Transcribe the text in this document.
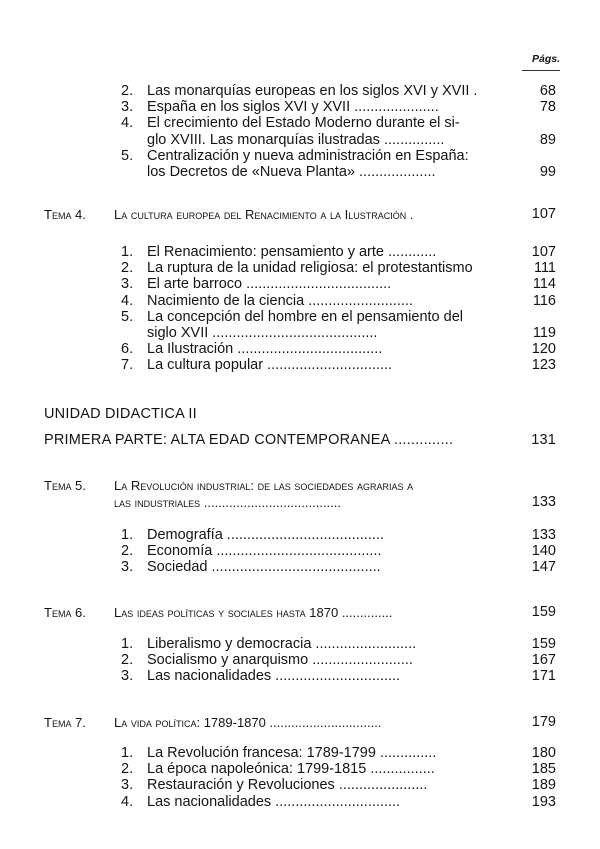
Págs.
2. Las monarquías europeas en los siglos XVI y XVII .	68
3. España en los siglos XVI y XVII .....................	78
4. El crecimiento del Estado Moderno durante el si-
glo XVIII. Las monarquías ilustradas ...............	89
5. Centralización y nueva administración en España:
los Decretos de «Nueva Planta» ...................	99
Tema 4.	La cultura europea del Renacimiento a la Ilustración .	107
1. El Renacimiento: pensamiento y arte ............	107
2. La ruptura de la unidad religiosa: el protestantismo	111
3. El arte barroco ....................................	114
4. Nacimiento de la ciencia ..........................	116
5. La concepción del hombre en el pensamiento del
siglo XVII .........................................	119
6. La Ilustración ....................................	120
7. La cultura popular ...............................	123
UNIDAD DIDACTICA II
PRIMERA PARTE: ALTA EDAD CONTEMPORANEA ..............	131
Tema 5.	La Revolución industrial: de las sociedades agrarias a
las industriales ......................................	133
1. Demografía .......................................	133
2. Economía .........................................	140
3. Sociedad ..........................................	147
Tema 6.	Las ideas políticas y sociales hasta 1870 ..............	159
1. Liberalismo y democracia .........................	159
2. Socialismo y anarquismo .........................	167
3. Las nacionalidades ...............................	171
Tema 7.	La vida política: 1789-1870 ...............................	179
1. La Revolución francesa: 1789-1799 ..............	180
2. La época napoleónica: 1799-1815 ................	185
3. Restauración y Revoluciones ......................	189
4. Las nacionalidades ...............................	193
